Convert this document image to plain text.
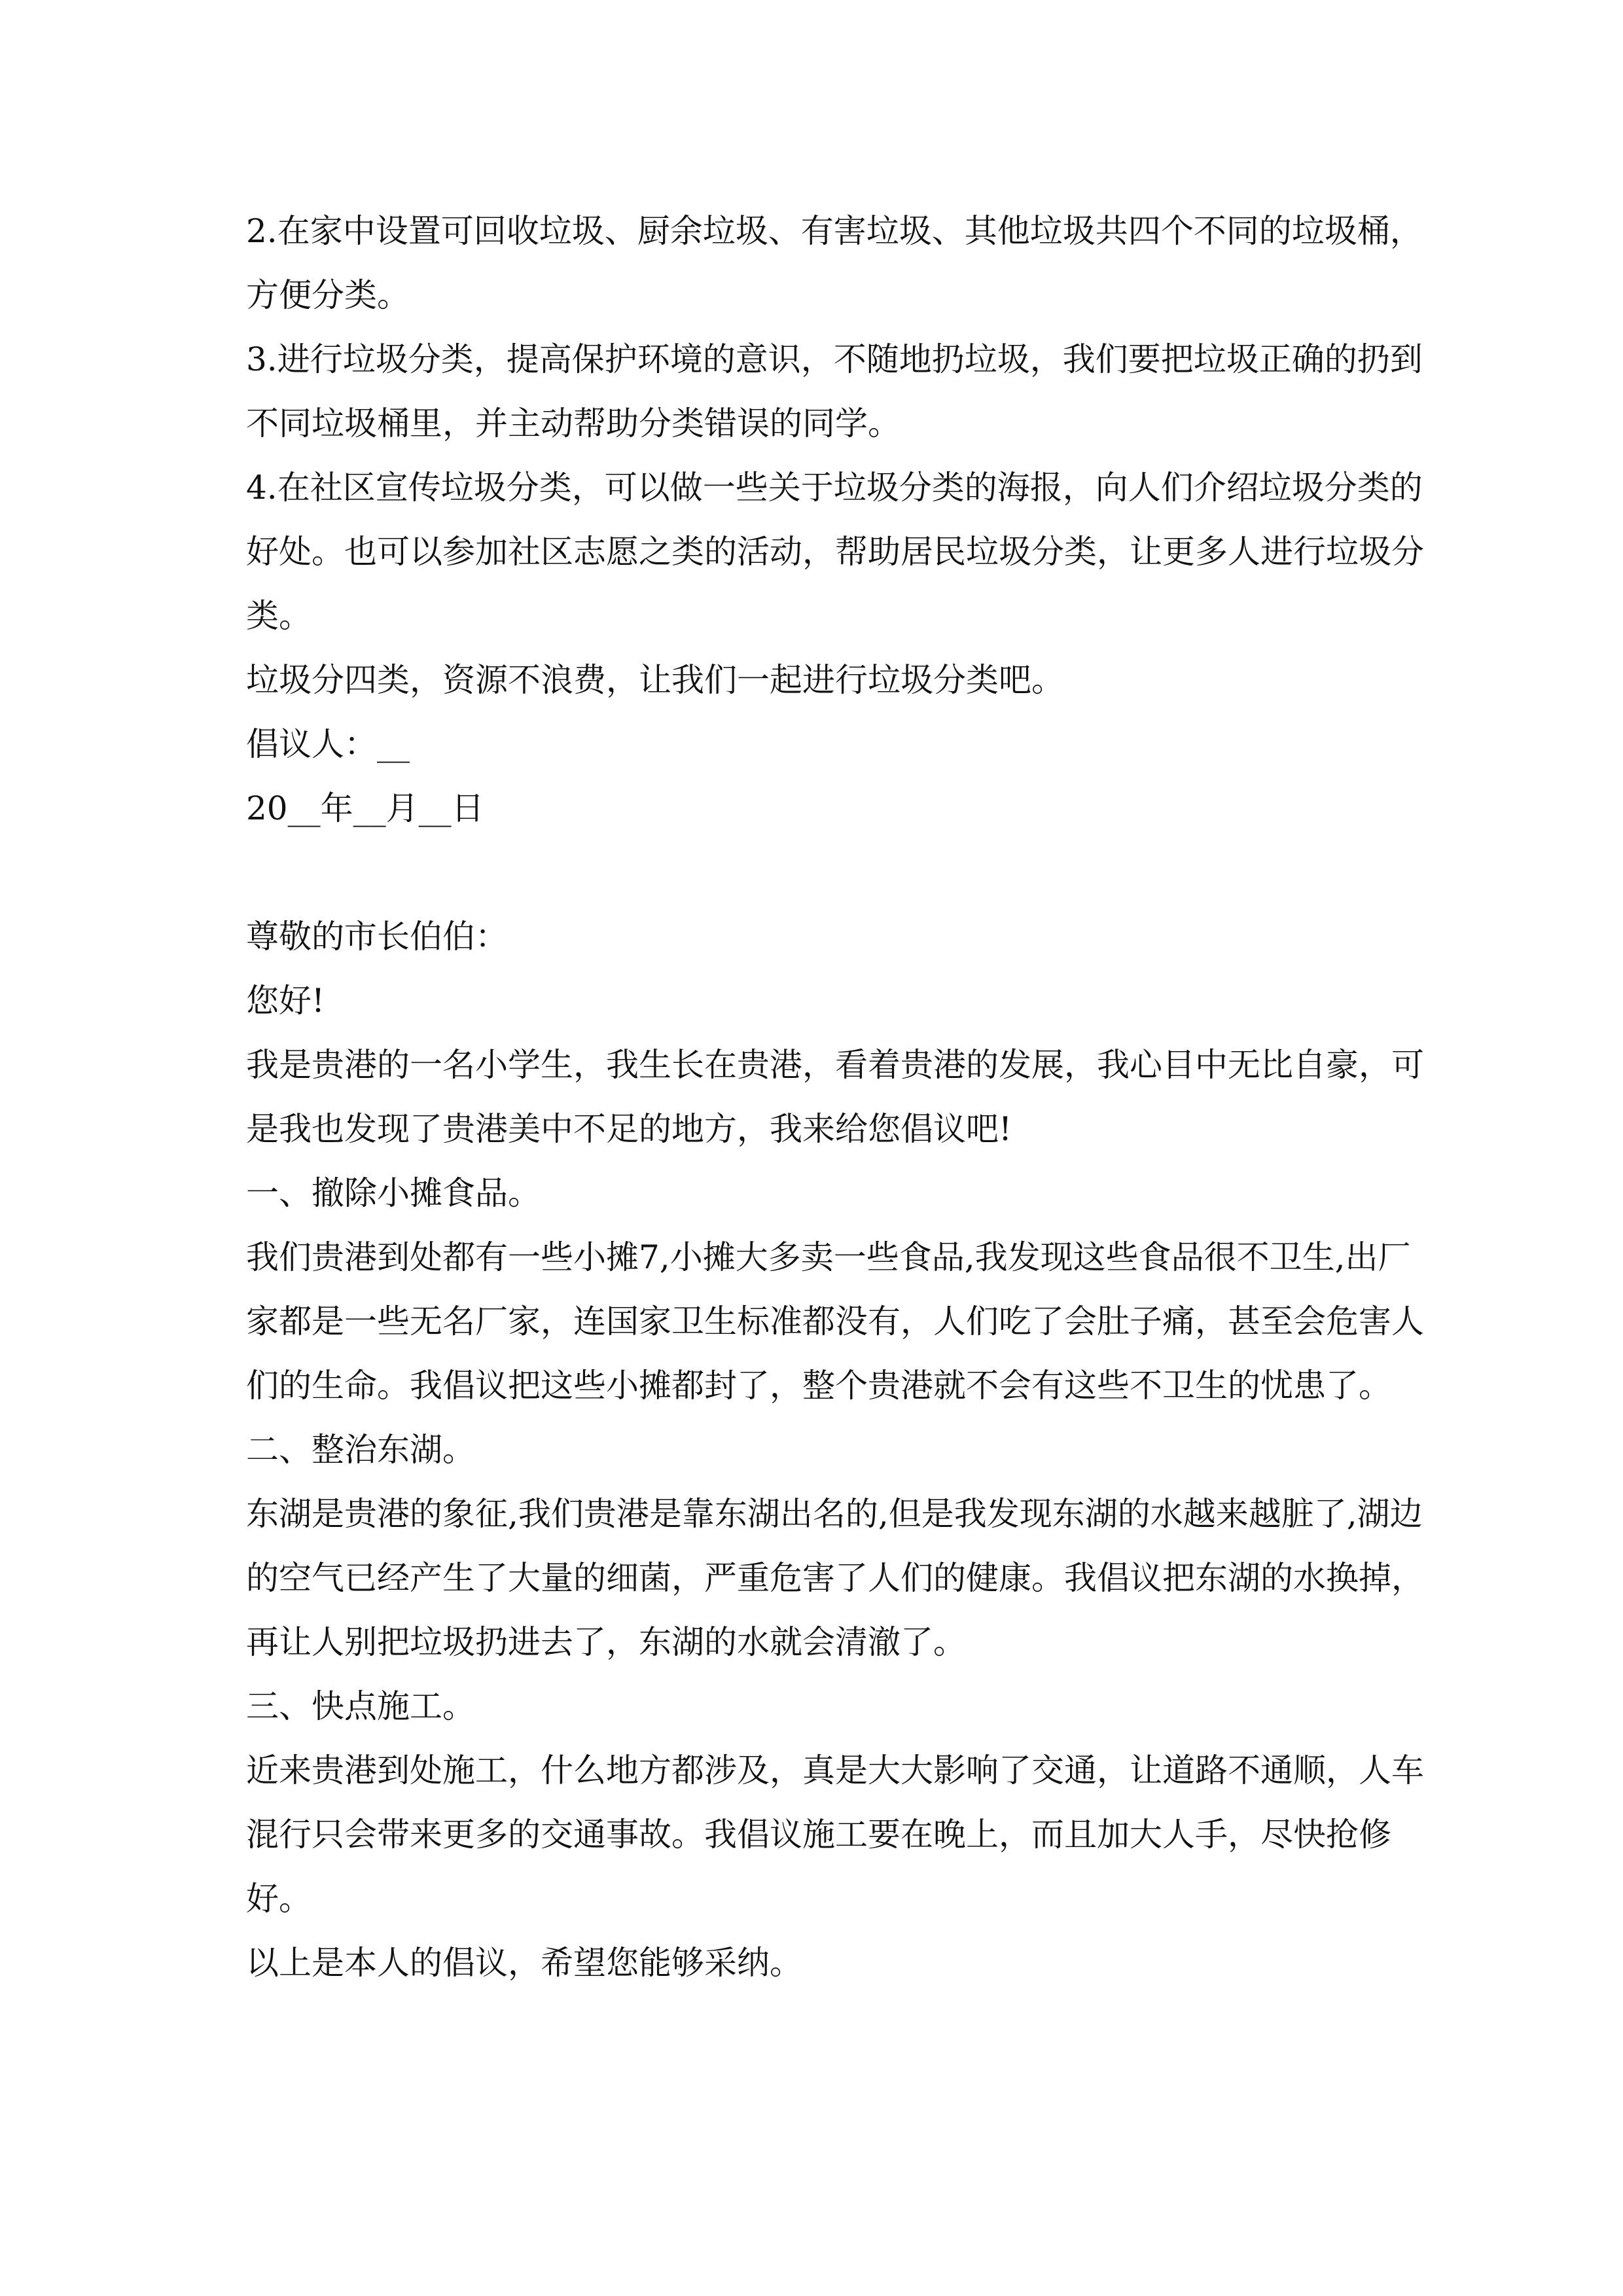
2.在家中设置可回收垃圾、厨余垃圾、有害垃圾、其他垃圾共四个不同的垃圾桶，方便分类。

3.进行垃圾分类，提高保护环境的意识，不随地扔垃圾，我们要把垃圾正确的扔到不同垃圾桶里，并主动帮助分类错误的同学。

4.在社区宣传垃圾分类，可以做一些关于垃圾分类的海报，向人们介绍垃圾分类的好处。也可以参加社区志愿之类的活动，帮助居民垃圾分类，让更多人进行垃圾分类。

垃圾分四类，资源不浪费，让我们一起进行垃圾分类吧。

倡议人：__

20__年__月__日

尊敬的市长伯伯：

您好!

我是贵港的一名小学生，我生长在贵港，看着贵港的发展，我心目中无比自豪，可是我也发现了贵港美中不足的地方，我来给您倡议吧!

一、撤除小摊食品。

我们贵港到处都有一些小摊7,小摊大多卖一些食品,我发现这些食品很不卫生,出厂家都是一些无名厂家，连国家卫生标准都没有，人们吃了会肚子痛，甚至会危害人们的生命。我倡议把这些小摊都封了，整个贵港就不会有这些不卫生的忧患了。

二、整治东湖。

东湖是贵港的象征,我们贵港是靠东湖出名的,但是我发现东湖的水越来越脏了,湖边的空气已经产生了大量的细菌，严重危害了人们的健康。我倡议把东湖的水换掉，再让人别把垃圾扔进去了，东湖的水就会清澈了。

三、快点施工。

近来贵港到处施工，什么地方都涉及，真是大大影响了交通，让道路不通顺，人车混行只会带来更多的交通事故。我倡议施工要在晚上，而且加大人手，尽快抢修好。

以上是本人的倡议，希望您能够采纳。
